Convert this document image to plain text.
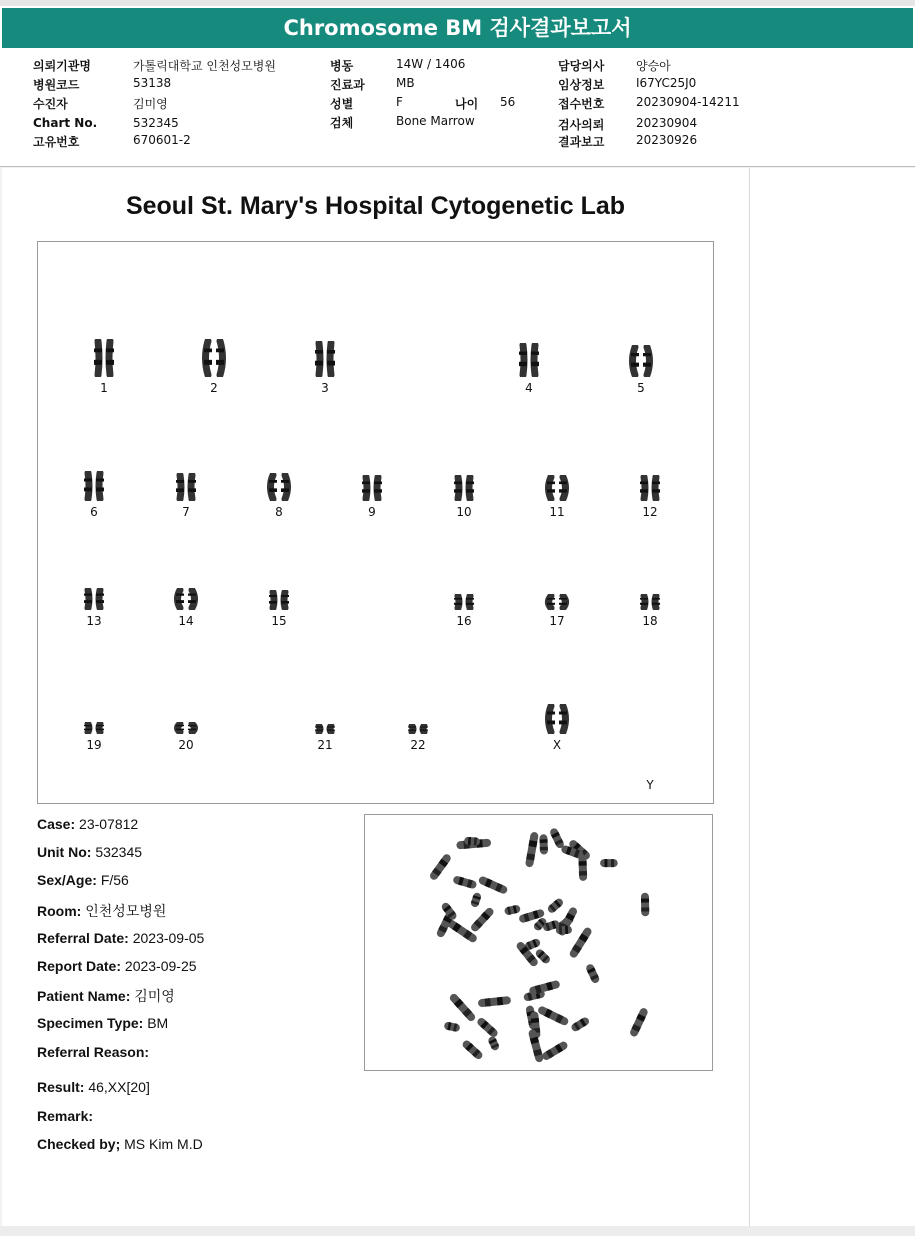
Chromosome BM 검사결과보고서
의뢰기관명	가톨릭대학교 인천성모병원
병원코드	53138
수진자	김미영
Chart No.	532345
고유번호	670601-2
병동	14W / 1406
진료과	MB
성별	F	나이 56
검체	Bone Marrow
담당의사	양승아
임상정보	I67YC25J0
접수번호	20230904-14211
검사의뢰	20230904
결과보고	20230926
Seoul St. Mary's Hospital Cytogenetic Lab
1	2	3	4	5
6	7	8	9	10	11	12
13	14	15	16	17	18
19	20	21	22	X
Y
Case: 23-07812
Unit No: 532345
Sex/Age: F/56
Room: 인천성모병원
Referral Date: 2023-09-05
Report Date: 2023-09-25
Patient Name: 김미영
Specimen Type: BM
Referral Reason:
Result: 46,XX[20]
Remark:
Checked by; MS Kim M.D
